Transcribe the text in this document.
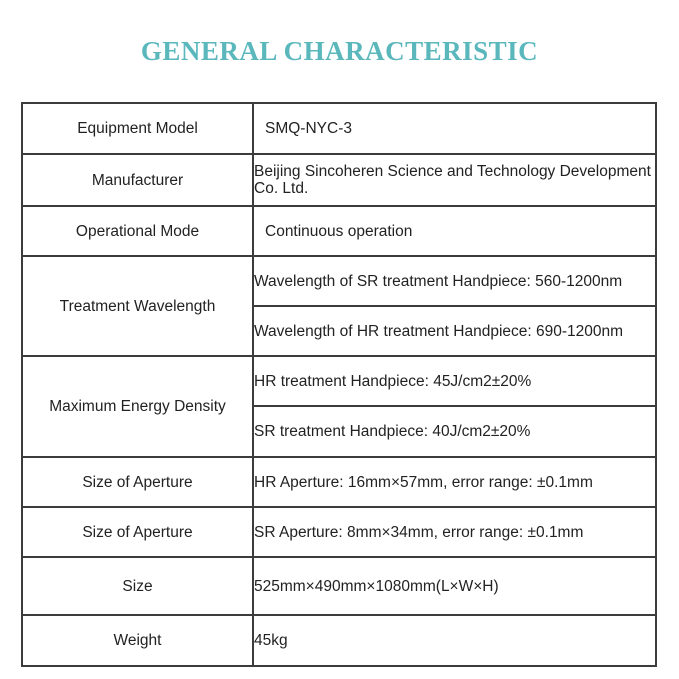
GENERAL CHARACTERISTIC
Equipment Model	SMQ-NYC-3
Manufacturer	Beijing Sincoheren Science and Technology Development Co. Ltd.
Operational Mode	Continuous operation
Treatment Wavelength	Wavelength of SR treatment Handpiece: 560-1200nm
	Wavelength of HR treatment Handpiece: 690-1200nm
Maximum Energy Density	HR treatment Handpiece: 45J/cm2±20%
	SR treatment Handpiece: 40J/cm2±20%
Size of Aperture	HR Aperture: 16mm×57mm, error range: ±0.1mm
Size of Aperture	SR Aperture: 8mm×34mm, error range: ±0.1mm
Size	525mm×490mm×1080mm(L×W×H)
Weight	45kg
